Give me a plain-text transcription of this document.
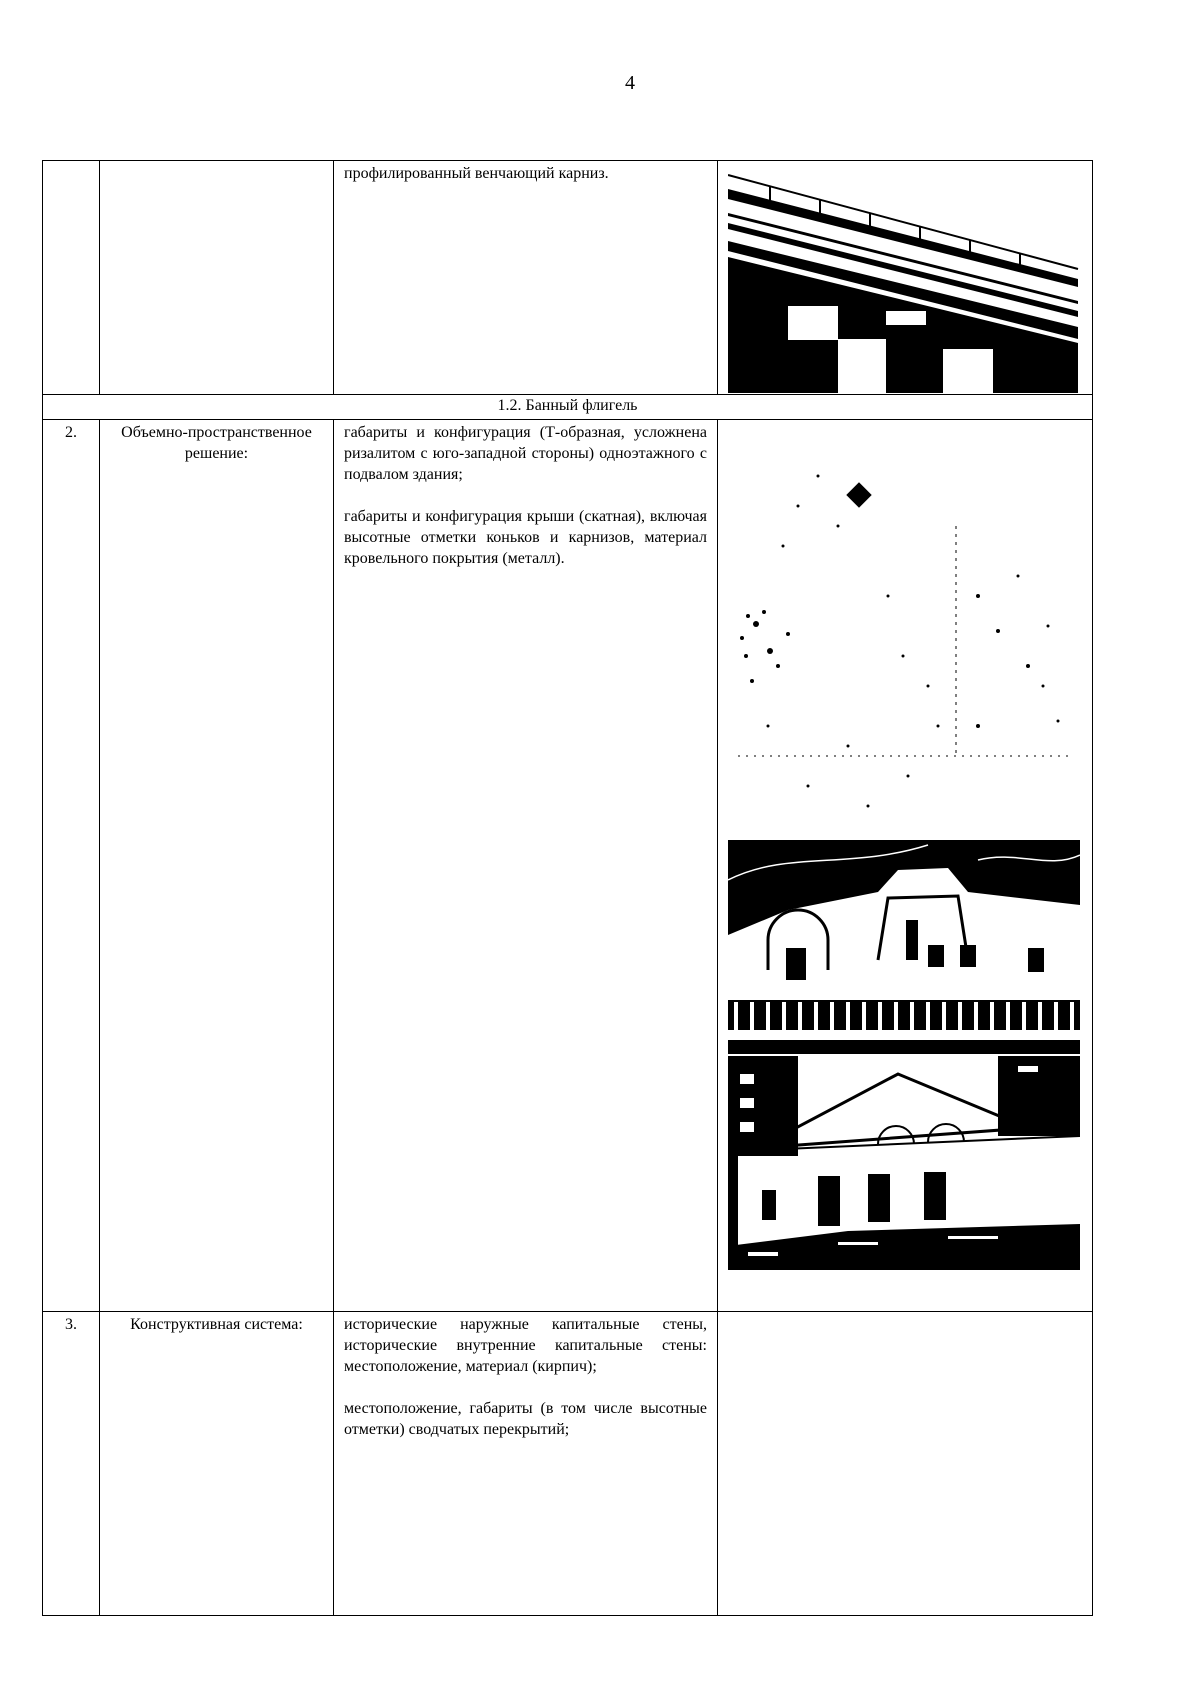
4

		профилированный венчающий карниз.

1.2. Банный флигель			
2.	Объемно-пространственное решение:	габариты и конфигурация (Т-образная, усложнена ризалитом с юго-западной стороны) одноэтажного с подвалом здания;

габариты и конфигурация крыши (скатная), включая высотные отметки коньков и карнизов, материал кровельного покрытия (металл).

3.	Конструктивная система:	исторические наружные капитальные стены, исторические внутренние капитальные стены: местоположение, материал (кирпич);

местоположение, габариты (в том числе высотные отметки) сводчатых перекрытий;	
